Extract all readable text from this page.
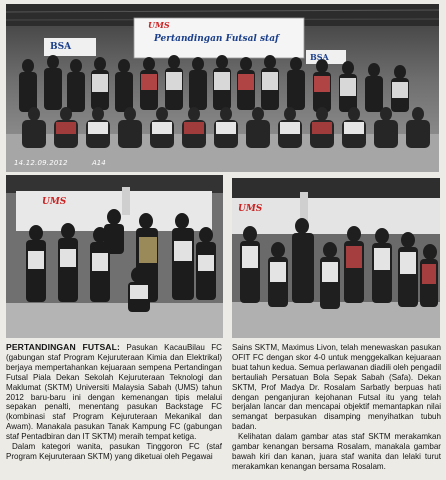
UMS
Pertandingan Futsal staf
BSA
BSA
14.12.09.2012	A14
UMS
UMS

PERTANDINGAN FUTSAL: Pasukan KacauBilau FC (gabungan staf Program Kejuruteraan Kimia dan Elektrikal) berjaya mempertahankan kejuaraan sempena Pertandingan Futsal Piala Dekan Sekolah Kejuruteraan Teknologi dan Maklumat (SKTM) Universiti Malaysia Sabah (UMS) tahun 2012 baru-baru ini dengan kemenangan tipis melalui sepakan penalti, menentang pasukan Backstage FC (kombinasi staf Program Kejuruteraan Mekanikal dan Awam). Manakala pasukan Tanak Kampung FC (gabungan staf Pentadbiran dan IT SKTM) meraih tempat ketiga.

Dalam kategori wanita, pasukan Tinggoron FC (staf Program Kejuruteraan SKTM) yang diketuai oleh Pegawai

Sains SKTM, Maximus Livon, telah menewaskan pasukan OFIT FC dengan skor 4-0 untuk menggekalkan kejuaraan buat tahun kedua. Semua perlawanan diadili oleh pengadil bertauliah Persatuan Bola Sepak Sabah (Safa). Dekan SKTM, Prof Madya Dr. Rosalam Sarbatly berpuas hati dengan penganjuran kejohanan Futsal itu yang telah berjalan lancar dan mencapai objektif memantapkan nilai semangat berpasukan disamping menyihatkan tubuh badan.

Kelihatan dalam gambar atas staf SKTM merakamkan gambar kenangan bersama Rosalam, manakala gambar bawah kiri dan kanan, juara staf wanita dan lelaki turut merakamkan kenangan bersama Rosalam.
